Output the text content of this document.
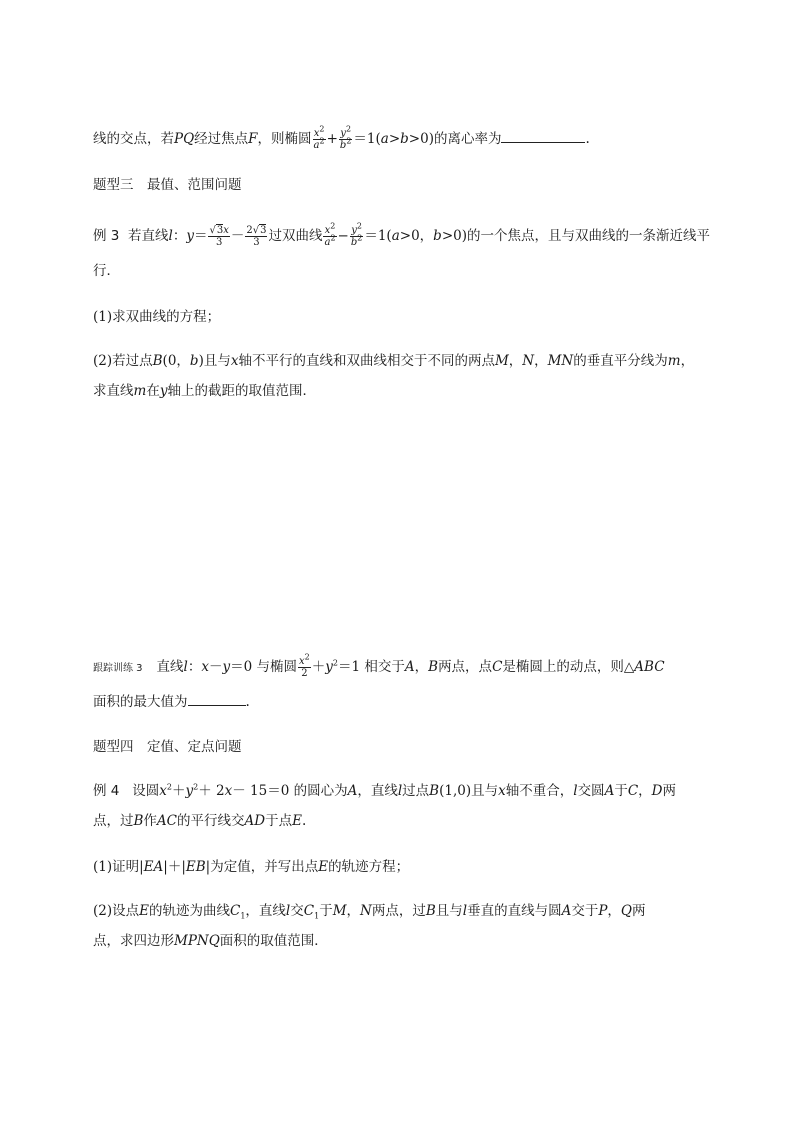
线的交点，若PQ经过焦点F，则椭圆 $\frac{x^2}{a^2} + \frac{y^2}{b^2} =1(a>b>0)$的离心率为	.
题型三　最值、范围问题
例 3 若直线l：$y= \frac{√3x}{3} - \frac{2√3}{3}$ 过双曲线 $\frac{x^2}{a^2} - \frac{y^2}{b^2} =1(a>0$，b>0)的一个焦点，且与双曲线的一条渐近线平
行．
(1)求双曲线的方程；
(2)若过点B(0，b)且与x轴不平行的直线和双曲线相交于不同的两点M，N，MN的垂直平分线为m，
求直线m在y轴上的截距的取值范围．
跟踪训练 3 直线l：x－y＝0 与椭圆 $\frac{x^2}{2} +y^2=1$ 相交于A，B两点，点C是椭圆上的动点，则△ABC
面积的最大值为	.
题型四　定值、定点问题
例 4 设圆$x^2+y^2+ 2x- 15=0$ 的圆心为A，直线l过点B(1,0)且与x轴不重合，l交圆A于C，D两
点，过B作AC的平行线交AD于点E.
(1)证明|EA|＋|EB|为定值，并写出点E的轨迹方程；
(2)设点E的轨迹为曲线$C_1$，直线l交$C_1$于M，N两点，过B且与l垂直的直线与圆A交于P，Q两
点，求四边形MPNQ面积的取值范围．
